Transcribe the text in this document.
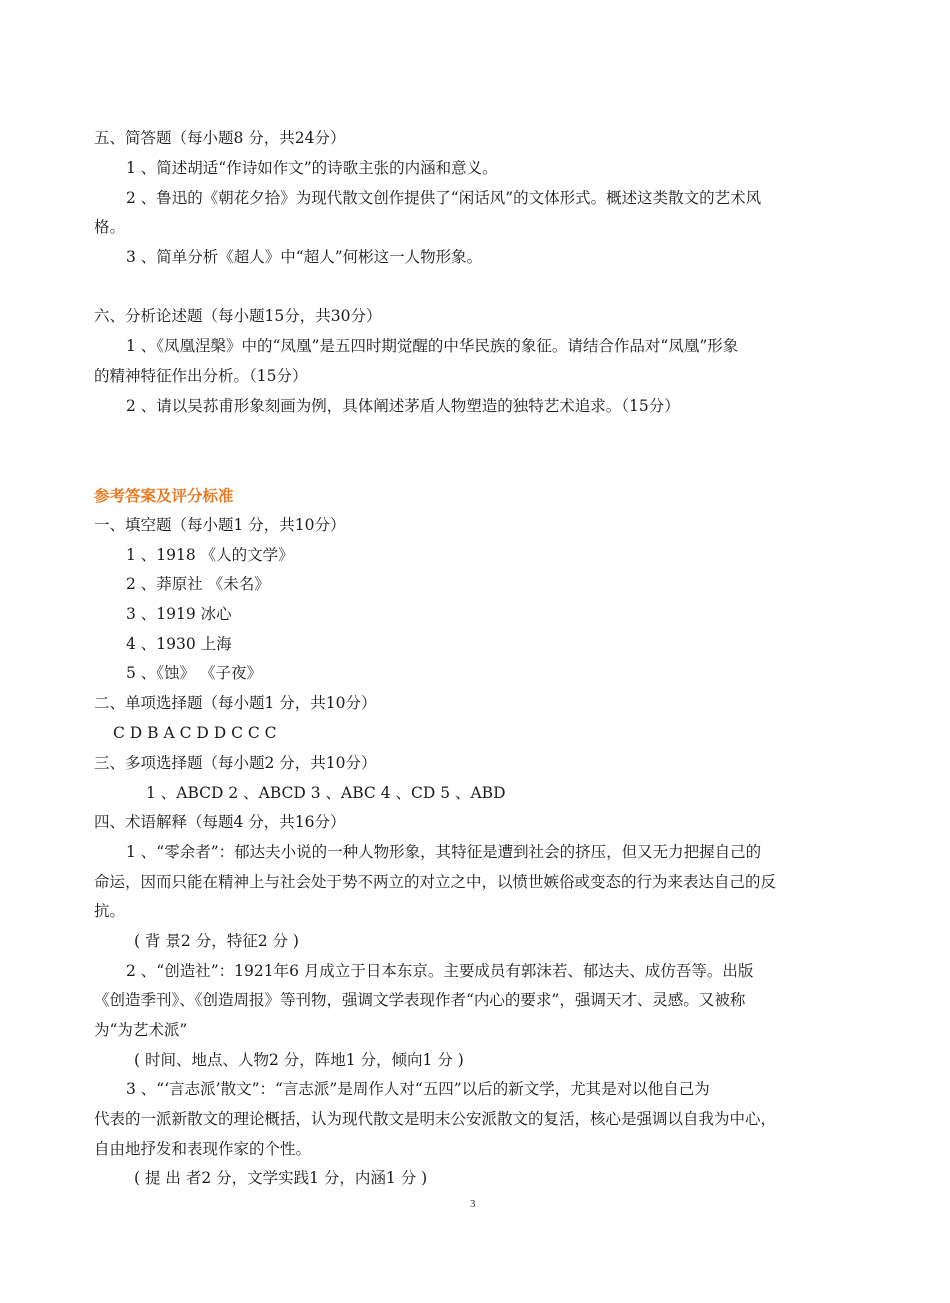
五、简答题（每小题8 分，共24分）
1 、简述胡适“作诗如作文”的诗歌主张的内涵和意义。
2 、鲁迅的《朝花夕拾》为现代散文创作提供了“闲话风”的文体形式。概述这类散文的艺术风
格。
3 、简单分析《超人》中“超人”何彬这一人物形象。
六、分析论述题（每小题15分，共30分）
1 、《凤凰涅槃》中的“凤凰”是五四时期觉醒的中华民族的象征。请结合作品对“凤凰”形象
的精神特征作出分析。（15分）
2 、请以吴荪甫形象刻画为例，具体阐述茅盾人物塑造的独特艺术追求。（15分）
参考答案及评分标准
一、填空题（每小题1 分，共10分）
1 、1918 《人的文学》
2 、莽原社 《未名》
3 、1919 冰心
4 、1930 上海
5 、《蚀》 《子夜》
二、单项选择题（每小题1 分，共10分）
C D B A C D D C C C
三、多项选择题（每小题2 分，共10分）
1 、ABCD 2 、ABCD 3 、ABC 4 、CD 5 、ABD
四、术语解释（每题4 分，共16分）
1 、“零余者”：郁达夫小说的一种人物形象，其特征是遭到社会的挤压，但又无力把握自己的
命运，因而只能在精神上与社会处于势不两立的对立之中，以愤世嫉俗或变态的行为来表达自己的反
抗。
( 背 景2 分，特征2 分 )
2 、“创造社”：1921年6 月成立于日本东京。主要成员有郭沫若、郁达夫、成仿吾等。出版
《创造季刊》、《创造周报》等刊物，强调文学表现作者“内心的要求”，强调天才、灵感。又被称
为“为艺术派”
( 时间、地点、人物2 分，阵地1 分，倾向1 分 )
3 、“‘言志派’散文”：“言志派”是周作人对“五四”以后的新文学，尤其是对以他自己为
代表的一派新散文的理论概括，认为现代散文是明末公安派散文的复活，核心是强调以自我为中心，
自由地抒发和表现作家的个性。
( 提 出 者2 分，文学实践1 分，内涵1 分 )
3
